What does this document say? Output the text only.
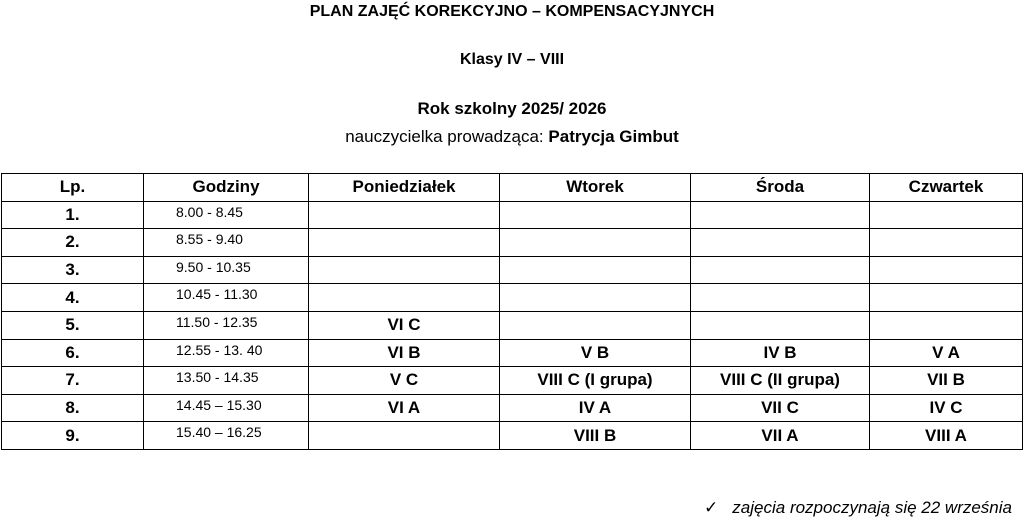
PLAN ZAJĘĆ KOREKCYJNO – KOMPENSACYJNYCH
Klasy IV – VIII
Rok szkolny 2025/ 2026
nauczycielka prowadząca: Patrycja Gimbut
Lp.	Godziny	Poniedziałek	Wtorek	Środa	Czwartek
1.	8.00 - 8.45				
2.	8.55 - 9.40				
3.	9.50 - 10.35				
4.	10.45 - 11.30				
5.	11.50 - 12.35	VI C			
6.	12.55 - 13. 40	VI B	V B	IV B	V A
7.	13.50 - 14.35	V C	VIII C (I grupa)	VIII C (II grupa)	VII B
8.	14.45 – 15.30	VI A	IV A	VII C	IV C
9.	15.40 – 16.25		VIII B	VII A	VIII A
✓ zajęcia rozpoczynają się 22 września
